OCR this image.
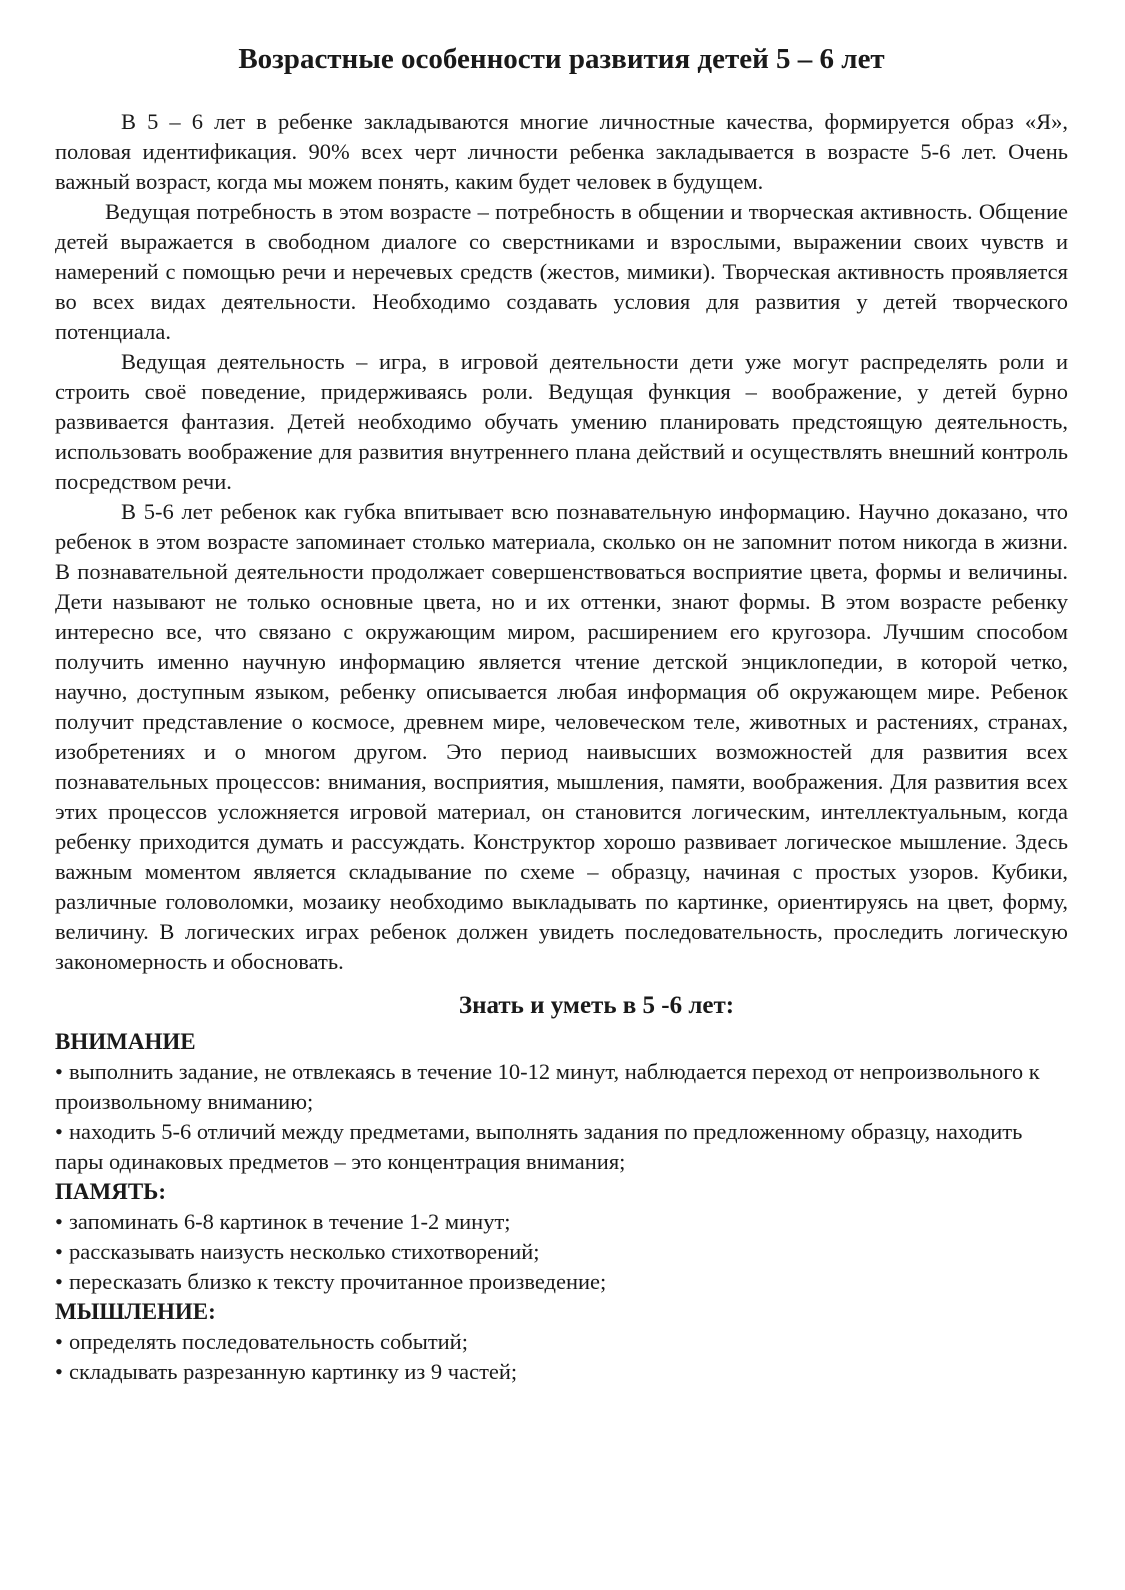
Возрастные особенности развития детей 5 – 6 лет

В 5 – 6 лет в ребенке закладываются многие личностные качества, формируется образ «Я», половая идентификация. 90% всех черт личности ребенка закладывается в возрасте 5-6 лет. Очень важный возраст, когда мы можем понять, каким будет человек в будущем.

Ведущая потребность в этом возрасте – потребность в общении и творческая активность. Общение детей выражается в свободном диалоге со сверстниками и взрослыми, выражении своих чувств и намерений с помощью речи и неречевых средств (жестов, мимики). Творческая активность проявляется во всех видах деятельности. Необходимо создавать условия для развития у детей творческого потенциала.

Ведущая деятельность – игра, в игровой деятельности дети уже могут распределять роли и строить своё поведение, придерживаясь роли. Ведущая функция – воображение, у детей бурно развивается фантазия. Детей необходимо обучать умению планировать предстоящую деятельность, использовать воображение для развития внутреннего плана действий и осуществлять внешний контроль посредством речи.

В 5-6 лет ребенок как губка впитывает всю познавательную информацию. Научно доказано, что ребенок в этом возрасте запоминает столько материала, сколько он не запомнит потом никогда в жизни. В познавательной деятельности продолжает совершенствоваться восприятие цвета, формы и величины. Дети называют не только основные цвета, но и их оттенки, знают формы. В этом возрасте ребенку интересно все, что связано с окружающим миром, расширением его кругозора. Лучшим способом получить именно научную информацию является чтение детской энциклопедии, в которой четко, научно, доступным языком, ребенку описывается любая информация об окружающем мире. Ребенок получит представление о космосе, древнем мире, человеческом теле, животных и растениях, странах, изобретениях и о многом другом. Это период наивысших возможностей для развития всех познавательных процессов: внимания, восприятия, мышления, памяти, воображения. Для развития всех этих процессов усложняется игровой материал, он становится логическим, интеллектуальным, когда ребенку приходится думать и рассуждать. Конструктор хорошо развивает логическое мышление. Здесь важным моментом является складывание по схеме – образцу, начиная с простых узоров. Кубики, различные головоломки, мозаику необходимо выкладывать по картинке, ориентируясь на цвет, форму, величину. В логических играх ребенок должен увидеть последовательность, проследить логическую закономерность и обосновать.

Знать и уметь в 5 -6 лет:
ВНИМАНИЕ
• выполнить задание, не отвлекаясь в течение 10-12 минут, наблюдается переход от непроизвольного к произвольному вниманию;
• находить 5-6 отличий между предметами, выполнять задания по предложенному образцу, находить пары одинаковых предметов – это концентрация внимания;
ПАМЯТЬ:
• запоминать 6-8 картинок в течение 1-2 минут;
• рассказывать наизусть несколько стихотворений;
• пересказать близко к тексту прочитанное произведение;
МЫШЛЕНИЕ:
• определять последовательность событий;
• складывать разрезанную картинку из 9 частей;
